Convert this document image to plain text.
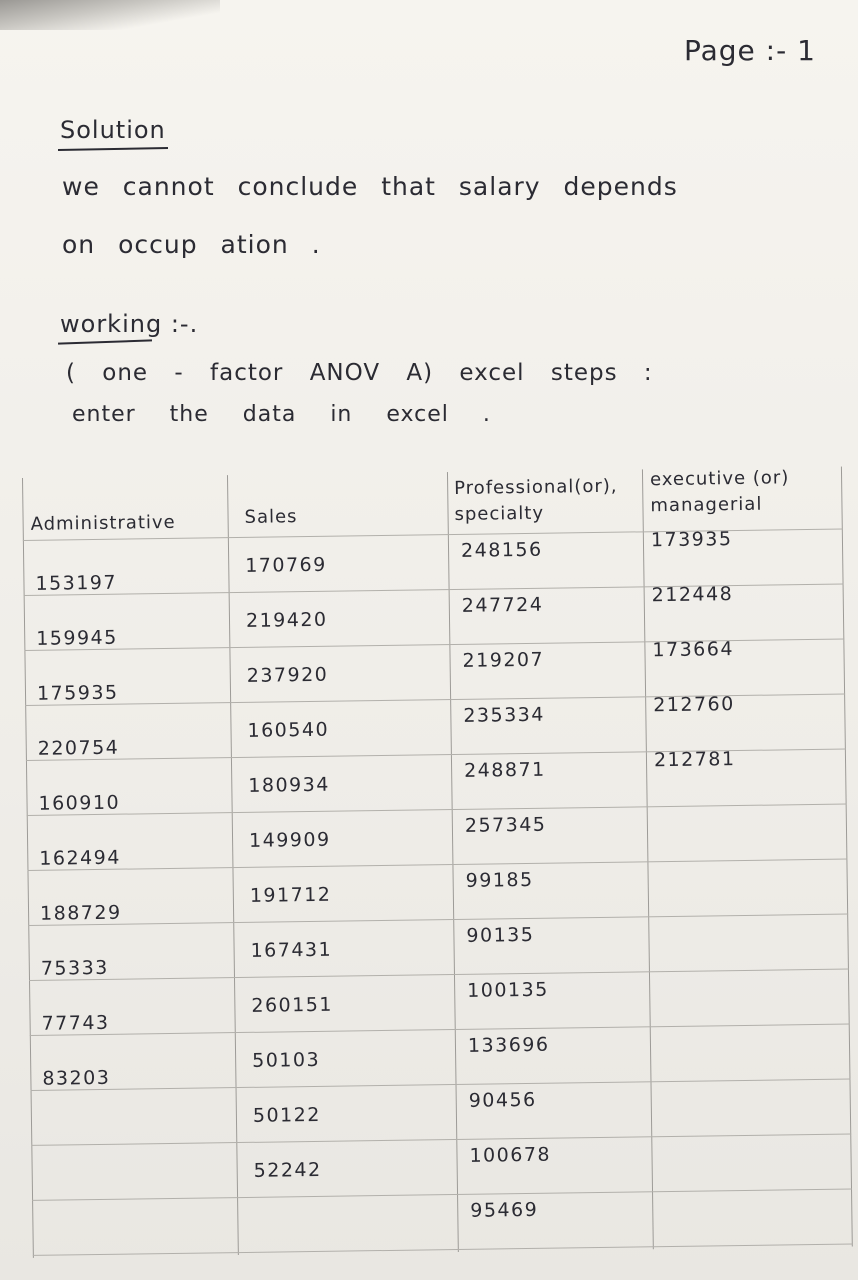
Page :- 1
Solution
we cannot conclude that salary depends
on occup ation .
working :-.
( one - factor ANOV A) excel steps :
enter the data in excel .
Administrative	Sales
Professional(or),
specialty
executive (or)
managerial
153197
159945
175935
220754
160910
162494
188729
75333
77743
83203
170769
219420
237920
160540
180934
149909
191712
167431
260151
50103
50122
52242
248156
247724
219207
235334
248871
257345
99185
90135
100135
133696
90456
100678
95469
173935
212448
173664
212760
212781
